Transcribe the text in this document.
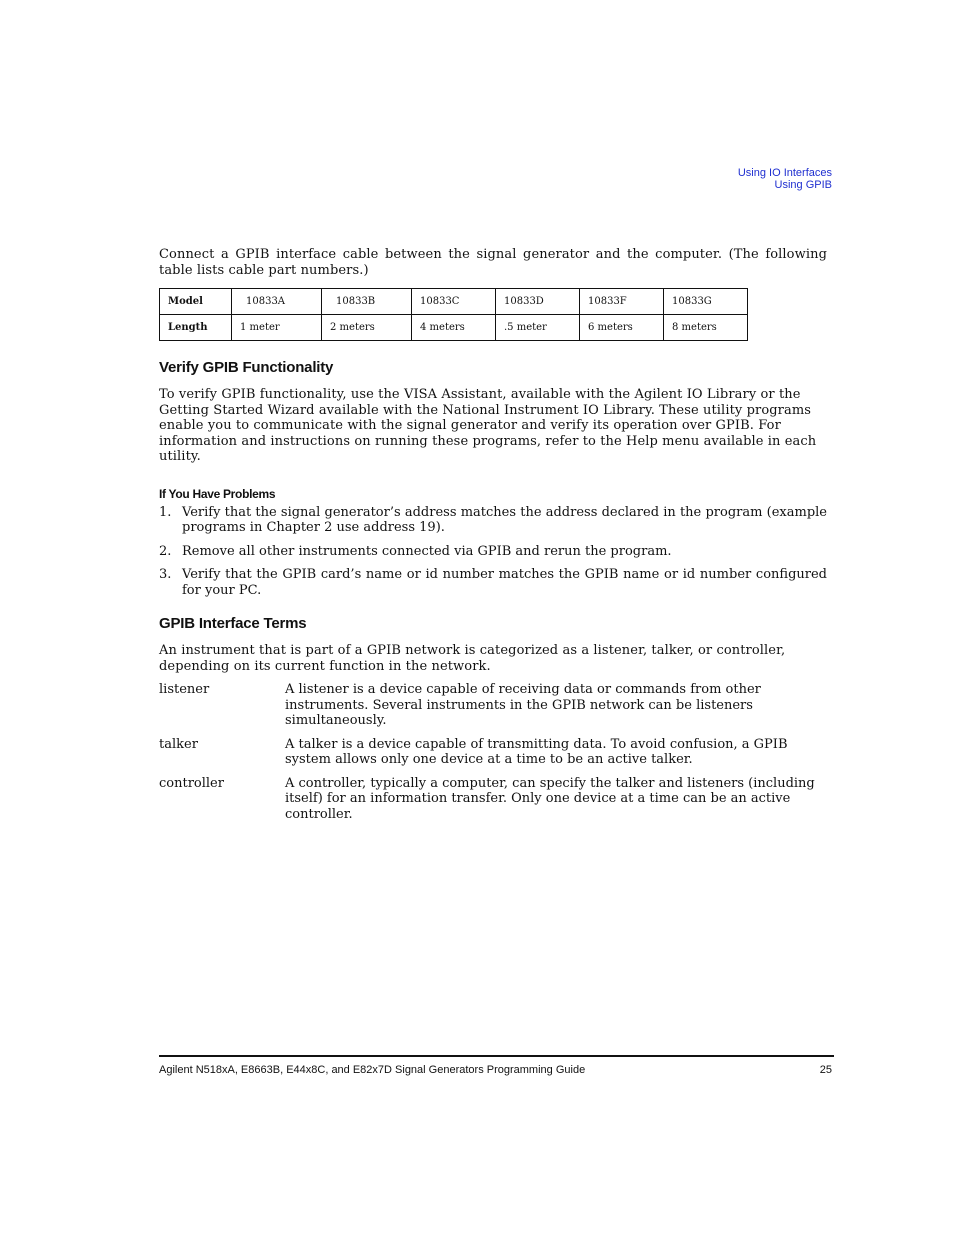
Using IO Interfaces
Using GPIB

Connect a GPIB interface cable between the signal generator and the computer. (The following table lists cable part numbers.)

Model	10833A	10833B	10833C	10833D	10833F	10833G
Length	1 meter	2 meters	4 meters	.5 meter	6 meters	8 meters
Verify GPIB Functionality

To verify GPIB functionality, use the VISA Assistant, available with the Agilent IO Library or the Getting Started Wizard available with the National Instrument IO Library. These utility programs enable you to communicate with the signal generator and verify its operation over GPIB. For information and instructions on running these programs, refer to the Help menu available in each utility.

If You Have Problems
1. Verify that the signal generator’s address matches the address declared in the program (example programs in Chapter 2 use address 19).
2. Remove all other instruments connected via GPIB and rerun the program.
3. Verify that the GPIB card’s name or id number matches the GPIB name or id number configured for your PC.
GPIB Interface Terms

An instrument that is part of a GPIB network is categorized as a listener, talker, or controller, depending on its current function in the network.

listener	A listener is a device capable of receiving data or commands from other instruments. Several instruments in the GPIB network can be listeners simultaneously.
talker	A talker is a device capable of transmitting data. To avoid confusion, a GPIB system allows only one device at a time to be an active talker.
controller	A controller, typically a computer, can specify the talker and listeners (including itself) for an information transfer. Only one device at a time can be an active controller.
Agilent N518xA, E8663B, E44x8C, and E82x7D Signal Generators Programming Guide	25
